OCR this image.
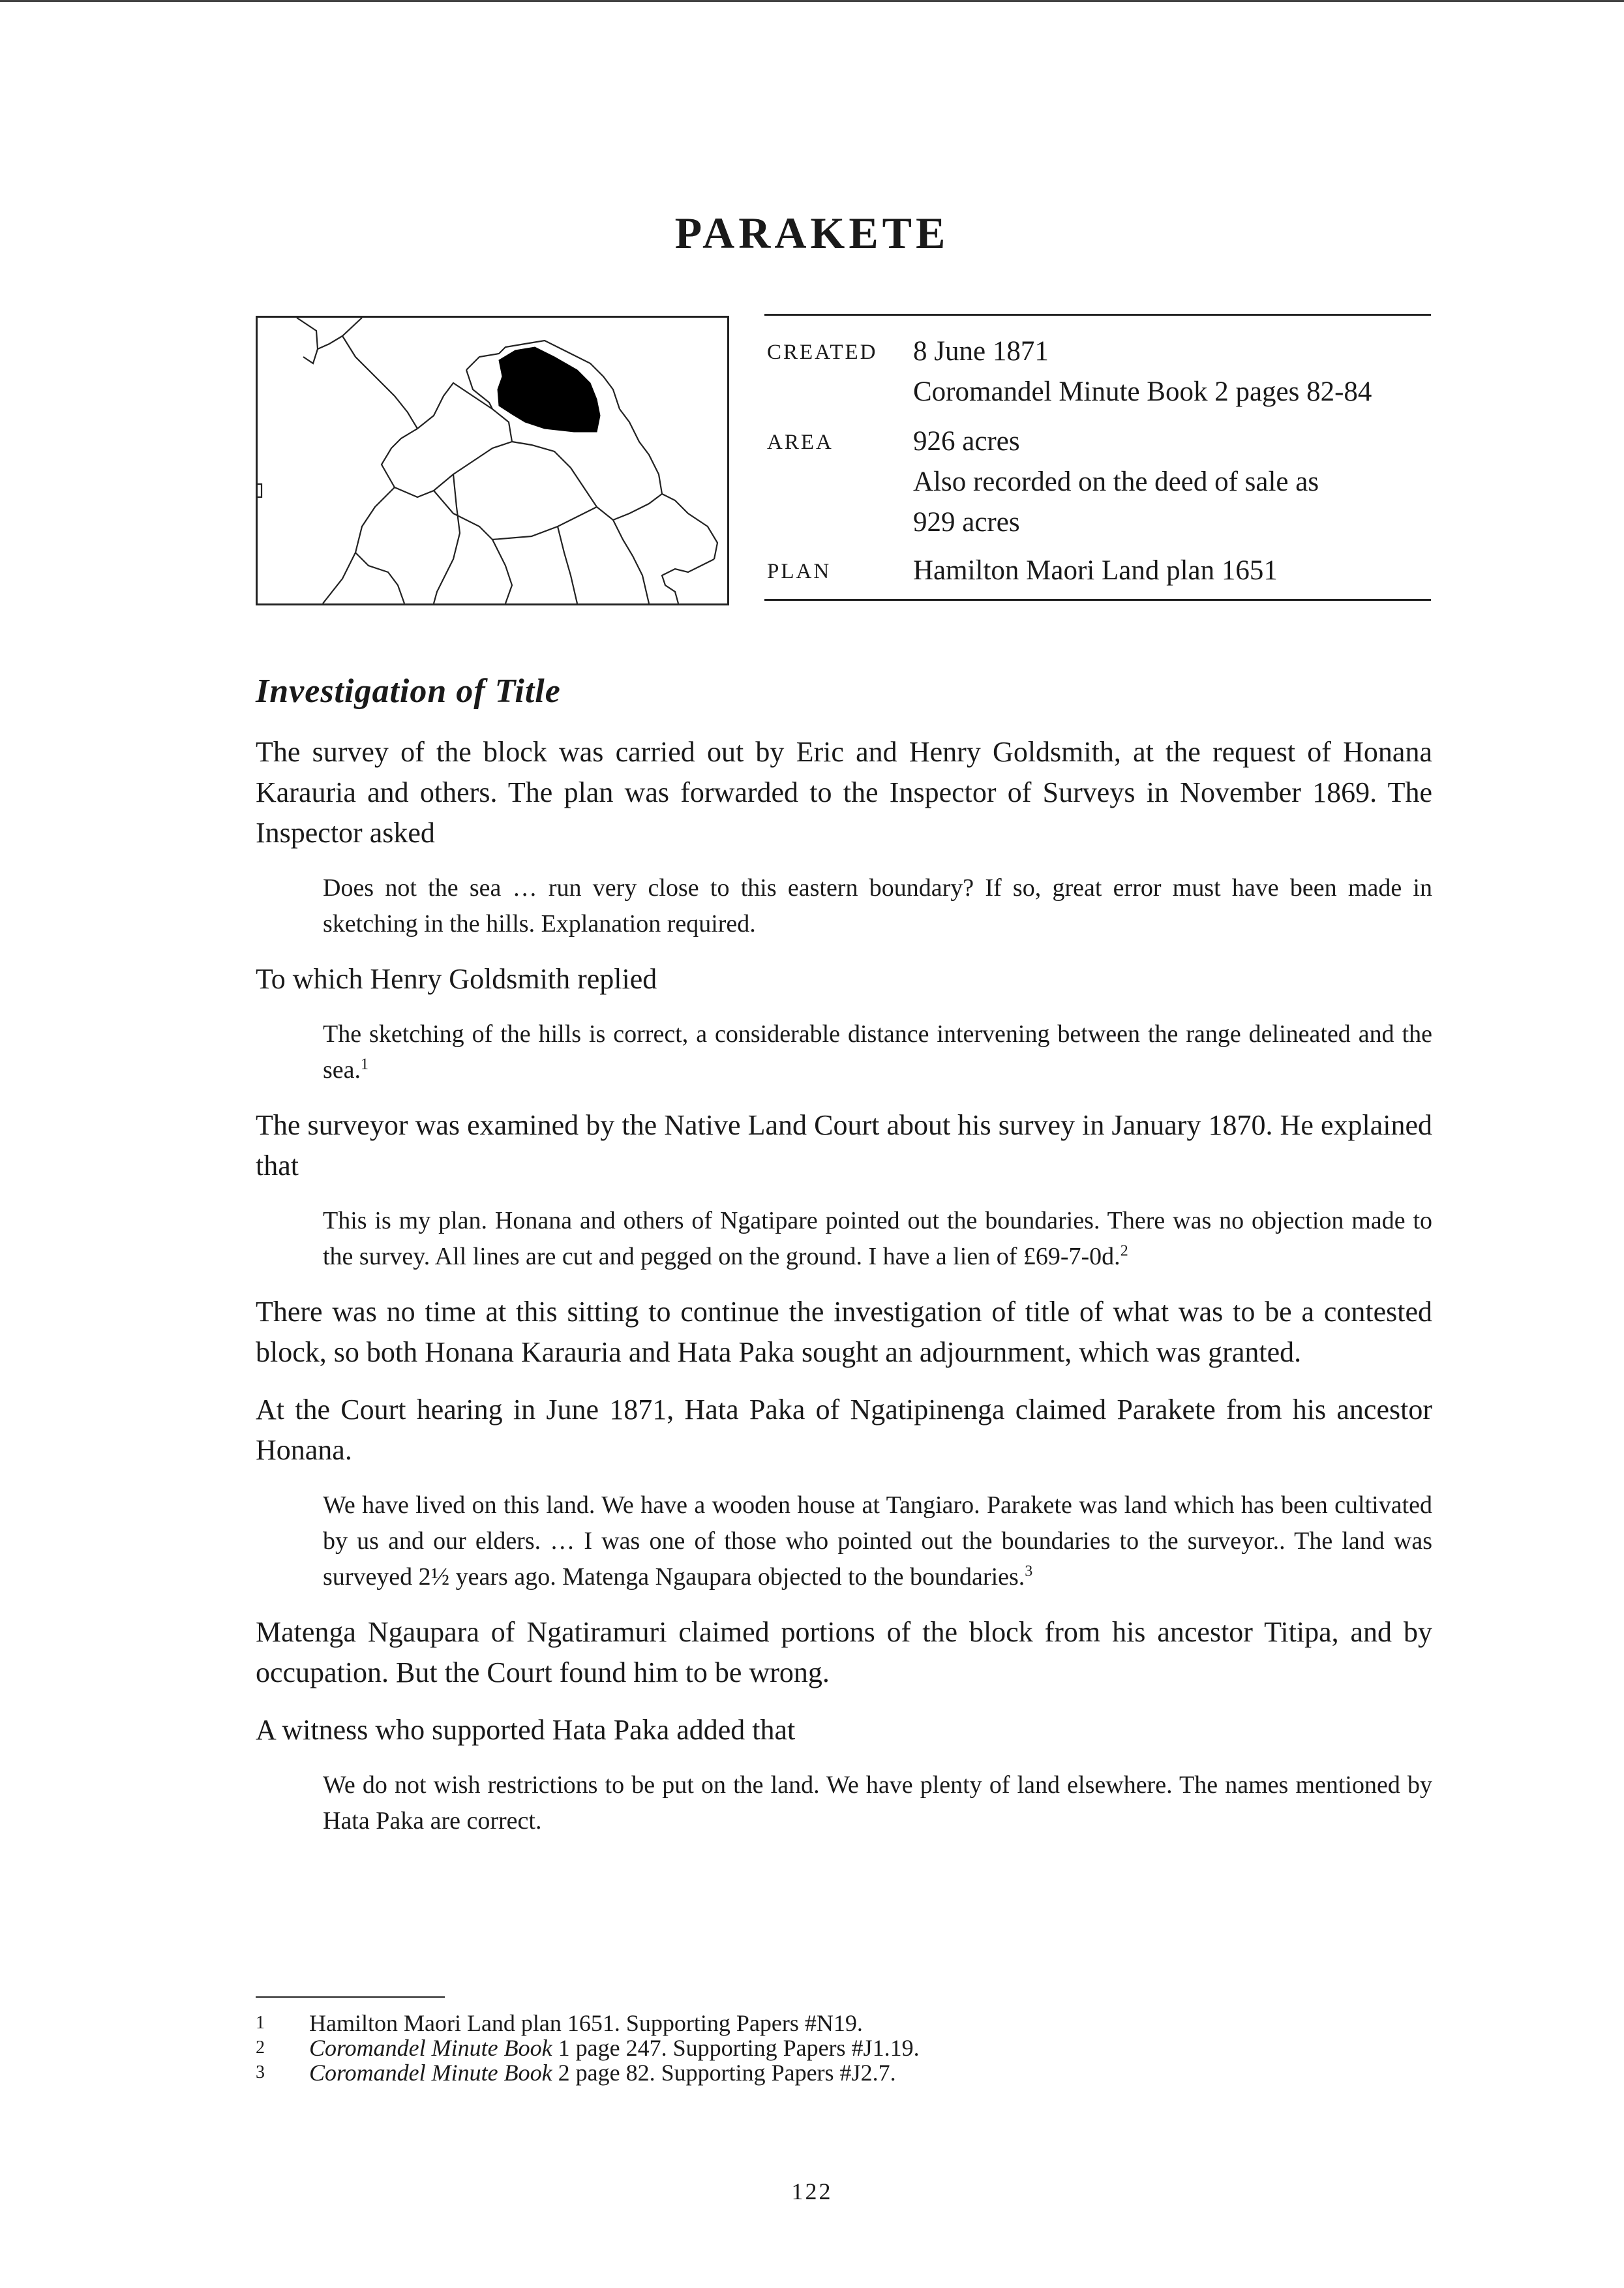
PARAKETE
CREATED	8 June 1871
Coromandel Minute Book 2 pages 82-84
AREA	926 acres
Also recorded on the deed of sale as
929 acres
PLAN	Hamilton Maori Land plan 1651
Investigation of Title

The survey of the block was carried out by Eric and Henry Goldsmith, at the request of Honana Karauria and others. The plan was forwarded to the Inspector of Surveys in November 1869. The Inspector asked

Does not the sea … run very close to this eastern boundary? If so, great error must have been made in sketching in the hills. Explanation required.

To which Henry Goldsmith replied

The sketching of the hills is correct, a considerable distance intervening between the range delineated and the sea.$^1$

The surveyor was examined by the Native Land Court about his survey in January 1870. He explained that

This is my plan. Honana and others of Ngatipare pointed out the boundaries. There was no objection made to the survey. All lines are cut and pegged on the ground. I have a lien of £69-7-0d.$^2$

There was no time at this sitting to continue the investigation of title of what was to be a contested block, so both Honana Karauria and Hata Paka sought an adjournment, which was granted.

At the Court hearing in June 1871, Hata Paka of Ngatipinenga claimed Parakete from his ancestor Honana.

We have lived on this land. We have a wooden house at Tangiaro. Parakete was land which has been cultivated by us and our elders. … I was one of those who pointed out the boundaries to the surveyor.. The land was surveyed 2½ years ago. Matenga Ngaupara objected to the boundaries.$^3$

Matenga Ngaupara of Ngatiramuri claimed portions of the block from his ancestor Titipa, and by occupation. But the Court found him to be wrong.

A witness who supported Hata Paka added that

We do not wish restrictions to be put on the land. We have plenty of land elsewhere. The names mentioned by Hata Paka are correct.
1	Hamilton Maori Land plan 1651. Supporting Papers #N19.
2	Coromandel Minute Book 1 page 247. Supporting Papers #J1.19.
3	Coromandel Minute Book 2 page 82. Supporting Papers #J2.7.
122
